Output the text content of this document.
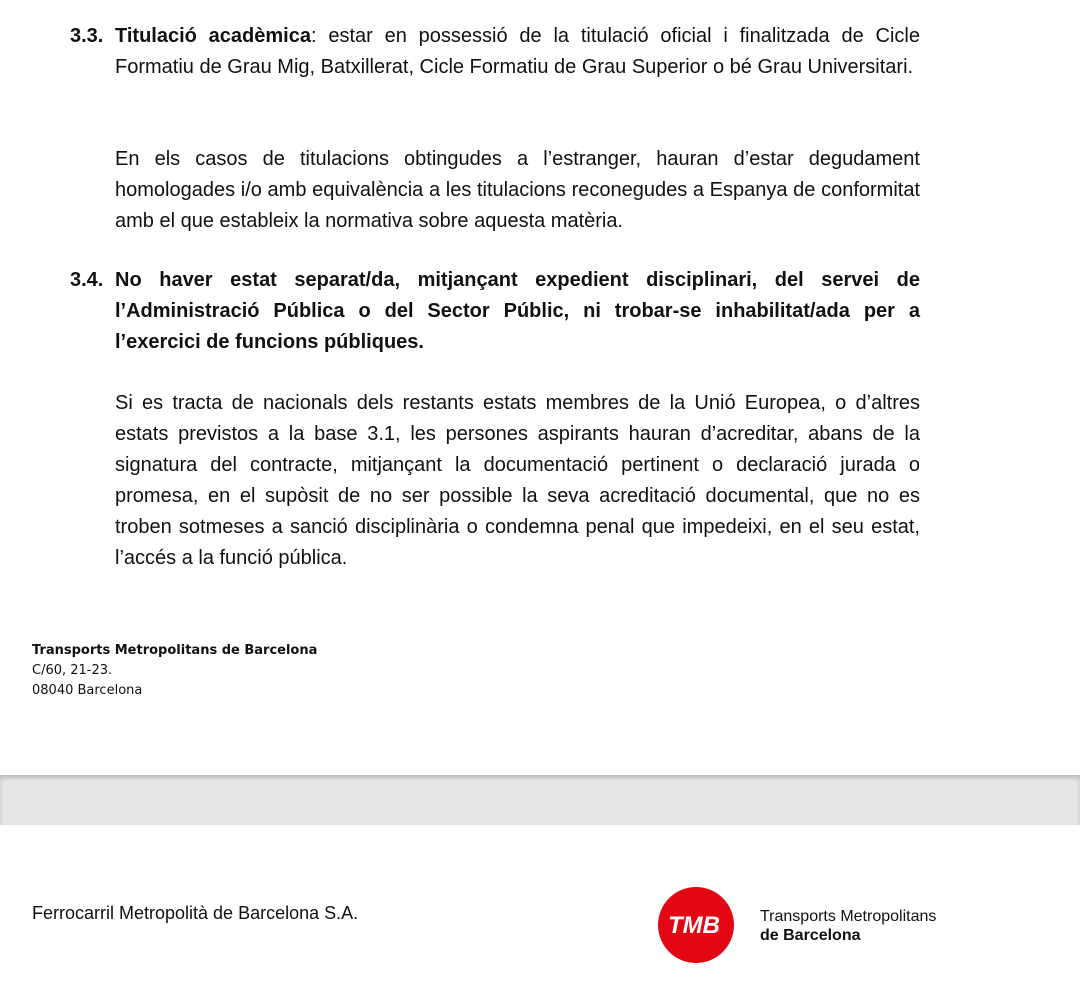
3.3. Titulació acadèmica: estar en possessió de la titulació oficial i finalitzada de Cicle Formatiu de Grau Mig, Batxillerat, Cicle Formatiu de Grau Superior o bé Grau Universitari.
En els casos de titulacions obtingudes a l’estranger, hauran d’estar degudament homologades i/o amb equivalència a les titulacions reconegudes a Espanya de conformitat amb el que estableix la normativa sobre aquesta matèria.
3.4. No haver estat separat/da, mitjançant expedient disciplinari, del servei de l’Administració Pública o del Sector Públic, ni trobar-se inhabilitat/ada per a l’exercici de funcions públiques.
Si es tracta de nacionals dels restants estats membres de la Unió Europea, o d’altres estats previstos a la base 3.1, les persones aspirants hauran d’acreditar, abans de la signatura del contracte, mitjançant la documentació pertinent o declaració jurada o promesa, en el supòsit de no ser possible la seva acreditació documental, que no es troben sotmeses a sanció disciplinària o condemna penal que impedeixi, en el seu estat, l’accés a la funció pública.
Transports Metropolitans de Barcelona
C/60, 21-23.
08040 Barcelona
Ferrocarril Metropolità de Barcelona S.A.	TMB	Transports Metropolitans
de Barcelona
